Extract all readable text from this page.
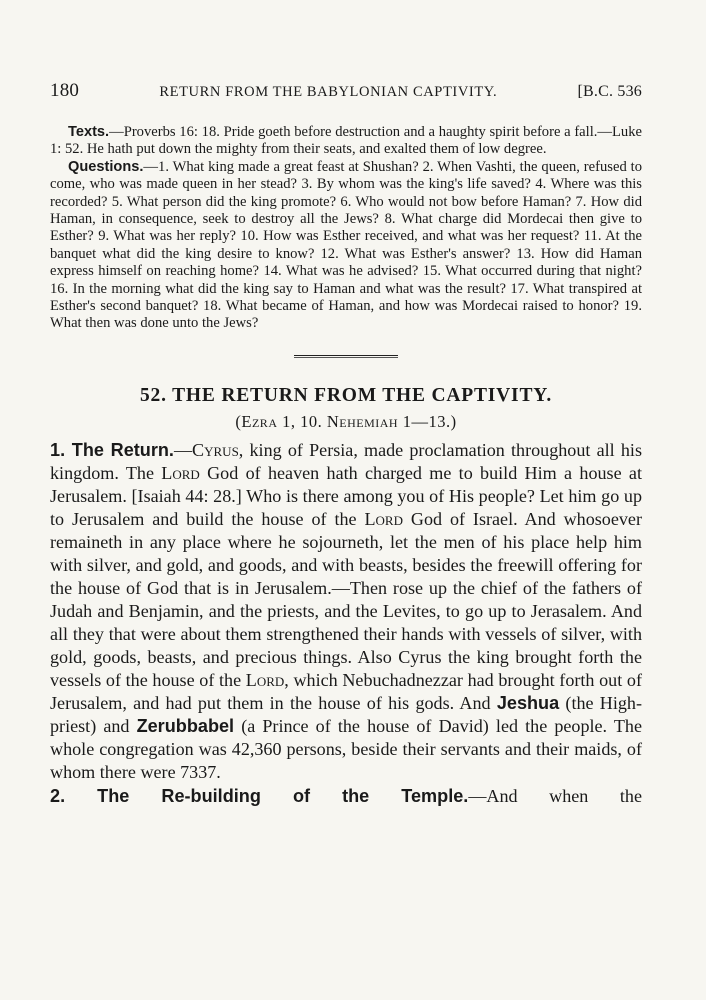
180	RETURN FROM THE BABYLONIAN CAPTIVITY.	[B.C. 536

Texts.—Proverbs 16: 18. Pride goeth before destruction and a haughty spirit before a fall.—Luke 1: 52. He hath put down the mighty from their seats, and exalted them of low degree.

Questions.—1. What king made a great feast at Shushan? 2. When Vashti, the queen, refused to come, who was made queen in her stead? 3. By whom was the king's life saved? 4. Where was this recorded? 5. What person did the king promote? 6. Who would not bow before Haman? 7. How did Haman, in consequence, seek to destroy all the Jews? 8. What charge did Mordecai then give to Esther? 9. What was her reply? 10. How was Esther received, and what was her request? 11. At the banquet what did the king desire to know? 12. What was Esther's answer? 13. How did Haman express himself on reaching home? 14. What was he advised? 15. What occurred during that night? 16. In the morning what did the king say to Haman and what was the result? 17. What transpired at Esther's second banquet? 18. What became of Haman, and how was Mordecai raised to honor? 19. What then was done unto the Jews?

52. THE RETURN FROM THE CAPTIVITY.
(Ezra 1, 10. Nehemiah 1—13.)

1. The Return.—Cyrus, king of Persia, made proclamation throughout all his kingdom. The Lord God of heaven hath charged me to build Him a house at Jerusalem. [Isaiah 44: 28.] Who is there among you of His people? Let him go up to Jerusalem and build the house of the Lord God of Israel. And whosoever remaineth in any place where he sojourneth, let the men of his place help him with silver, and gold, and goods, and with beasts, besides the freewill offering for the house of God that is in Jerusalem.—Then rose up the chief of the fathers of Judah and Benjamin, and the priests, and the Levites, to go up to Jerasalem. And all they that were about them strengthened their hands with vessels of silver, with gold, goods, beasts, and precious things. Also Cyrus the king brought forth the vessels of the house of the Lord, which Nebuchadnezzar had brought forth out of Jerusalem, and had put them in the house of his gods. And Jeshua (the High-priest) and Zerubbabel (a Prince of the house of David) led the people. The whole congregation was 42,360 persons, beside their servants and their maids, of whom there were 7337.

2. The Re-building of the Temple.—And when the
